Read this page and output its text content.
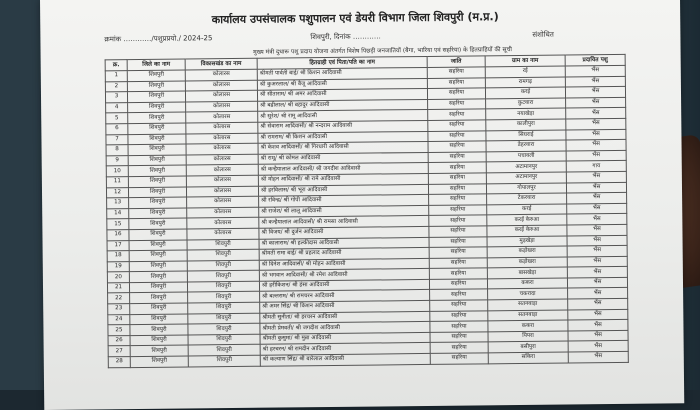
कार्यालय उपसंचालक पशुपालन एवं डेयरी विभाग जिला शिवपुरी (म.प्र.)
क्रमांक …………/पशुप्रप्रयो./ 2024-25	शिवपुरी, दिनांक …………	संशोधित
मुख्य मंत्री दुधारू पशु प्रदाय योजना अंतर्गत विशेष पिछड़ी जनजातियों (बैगा, भारिया एवं सहरिया) के हितग्राहियों की सूची
क्र.	जिले का नाम	विकासखंड का नाम	हितग्राही एवं पिता/पति का नाम	जाति	ग्राम का नाम	प्रदायित पशु
1	शिवपुरी	कोलारस	श्रीमती पार्वती बाई/ श्री किशन आदिवासी	सहरिया	रई	भैंस
2	शिवपुरी	कोलारस	श्री कुअरलाल/ श्री बैजू आदिवासी	सहरिया	रामगढ़	भैंस
3	शिवपुरी	कोलारस	श्री सीताराम/ श्री अमर आदिवासी	सहरिया	करई	भैंस
4	शिवपुरी	कोलारस	श्री बद्रीलाल/ श्री बहादुर आदिवासी	सहरिया	कुटवारा	भैंस
5	शिवपुरी	कोलारस	श्री सुरेश/ श्री रामू आदिवासी	सहरिया	नयाखेड़ा	भैंस
6	शिवपुरी	कोलारस	श्री सेवाराम आदिवासी/ श्री नन्दराम आदिवासी	सहरिया	कालीपुरा	भैंस
7	शिवपुरी	कोलारस	श्री रामराम/ श्री किशन आदिवासी	सहरिया	सिघराई	भैंस
8	शिवपुरी	कोलारस	श्री केशव आदिवासी/ श्री गिरधारी आदिवासी	सहरिया	डेहरवारा	भैंस
9	शिवपुरी	कोलारस	श्री रामू/ श्री कोमल आदिवासी	सहरिया	पचावली	भैंस
10	शिवपुरी	कोलारस	श्री कन्हैयालाल आदिवासी/ श्री जगदीश आदिवासी	सहरिया	अटामानपुर	गाय
11	शिवपुरी	कोलारस	श्री मोहन आदिवासी/ श्री रामे आदिवासी	सहरिया	अटामानपुर	भैंस
12	शिवपुरी	कोलारस	श्री हरविलास/ श्री भूरा आदिवासी	सहरिया	गोपालपुर	भैंस
13	शिवपुरी	कोलारस	श्री रविन्द्र/ श्री गोपी आदिवासी	सहरिया	टेकरवारा	भैंस
14	शिवपुरी	कोलारस	श्री राजेश/ श्री लालू आदिवासी	सहरिया	करई	भैंस
15	शिवपुरी	कोलारस	श्री कन्हैयालाल आदिवासी/ श्री रामसा आदिवासी	सहरिया	करई केरुआ	भैंस
16	शिवपुरी	कोलारस	श्री विजय/ श्री दुर्जन आदिवासी	सहरिया	करई केरुआ	भैंस
17	शिवपुरी	शिवपुरी	श्री कालाराम/ श्री हल्कीदास आदिवासी	सहरिया	मुड़खेड़ा	भैंस
18	शिवपुरी	शिवपुरी	श्रीमती रामा बाई/ श्री प्रहलाद आदिवासी	सहरिया	कड़ोखरा	भैंस
19	शिवपुरी	शिवपुरी	श्री दिनेश आदिवासी/ श्री मोहन आदिवासी	सहरिया	कड़ोखरा	भैंस
20	शिवपुरी	शिवपुरी	श्री भगवान आदिवासी/ श्री रमेश आदिवासी	सहरिया	बासखेड़ा	भैंस
21	शिवपुरी	शिवपुरी	श्री हरीकिशन/ श्री हंसा आदिवासी	सहरिया	ककरा	भैंस
22	शिवपुरी	शिवपुरी	श्री बल्लराम/ श्री रामचरन आदिवासी	सहरिया	चकरादा	भैंस
23	शिवपुरी	शिवपुरी	श्री अमर सिंह/ श्री किशन आदिवासी	सहरिया	सतनवाड़ा	भैंस
24	शिवपुरी	शिवपुरी	श्रीमती सुनीता/ श्री हरचरन आदिवासी	सहरिया	सतनवाड़ा	भैंस
25	शिवपुरी	शिवपुरी	श्रीमती प्रेमवती/ श्री जगदीश आदिवासी	सहरिया	ककरा	भैंस
26	शिवपुरी	शिवपुरी	श्रीमती कुसुमा/ श्री मुन्ना आदिवासी	सहरिया	पिपरा	भैंस
27	शिवपुरी	शिवपुरी	श्री हरचरन/ श्री रामदीन आदिवासी	सहरिया	बसीपुरा	भैंस
28	शिवपुरी	शिवपुरी	श्री कल्याण सिंह/ श्री बारेलाल आदिवासी	सहरिया	सकिरा	भैंस
